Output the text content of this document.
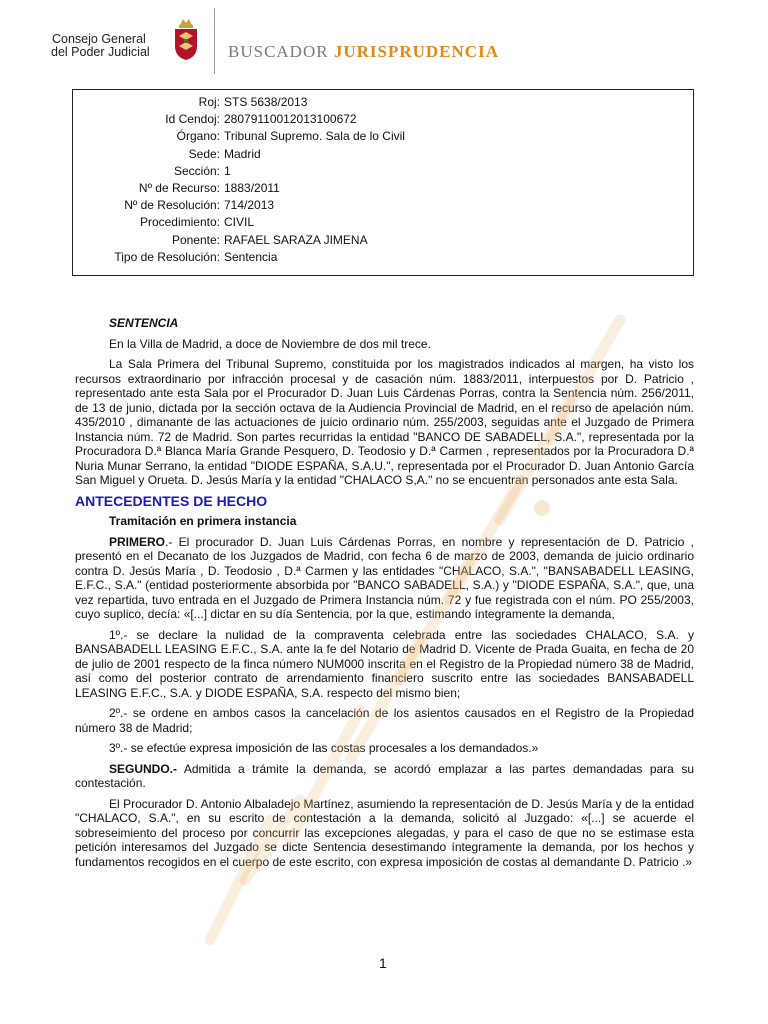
Consejo General
del Poder Judicial	BUSCADOR JURISPRUDENCIA
Roj: STS 5638/2013
Id Cendoj: 28079110012013100672
Órgano: Tribunal Supremo. Sala de lo Civil
Sede: Madrid
Sección: 1
Nº de Recurso: 1883/2011
Nº de Resolución: 714/2013
Procedimiento: CIVIL
Ponente: RAFAEL SARAZA JIMENA
Tipo de Resolución: Sentencia

SENTENCIA

En la Villa de Madrid, a doce de Noviembre de dos mil trece.

La Sala Primera del Tribunal Supremo, constituida por los magistrados indicados al margen, ha visto los recursos extraordinario por infracción procesal y de casación núm. 1883/2011, interpuestos por D. Patricio , representado ante esta Sala por el Procurador D. Juan Luis Cárdenas Porras, contra la Sentencia núm. 256/2011, de 13 de junio, dictada por la sección octava de la Audiencia Provincial de Madrid, en el recurso de apelación núm. 435/2010 , dimanante de las actuaciones de juicio ordinario núm. 255/2003, seguidas ante el Juzgado de Primera Instancia núm. 72 de Madrid. Son partes recurridas la entidad "BANCO DE SABADELL, S.A.", representada por la Procuradora D.ª Blanca María Grande Pesquero, D. Teodosio y D.ª Carmen , representados por la Procuradora D.ª Nuria Munar Serrano, la entidad "DIODE ESPAÑA, S.A.U.", representada por el Procurador D. Juan Antonio García San Miguel y Orueta. D. Jesús María y la entidad "CHALACO S,A." no se encuentran personados ante esta Sala.

ANTECEDENTES DE HECHO

Tramitación en primera instancia

PRIMERO.- El procurador D. Juan Luis Cárdenas Porras, en nombre y representación de D. Patricio , presentó en el Decanato de los Juzgados de Madrid, con fecha 6 de marzo de 2003, demanda de juicio ordinario contra D. Jesús María , D. Teodosio , D.ª Carmen y las entidades "CHALACO, S.A.", "BANSABADELL LEASING, E.F.C., S.A." (entidad posteriormente absorbida por "BANCO SABADELL, S.A.) y "DIODE ESPAÑA, S.A.", que, una vez repartida, tuvo entrada en el Juzgado de Primera Instancia núm. 72 y fue registrada con el núm. PO 255/2003, cuyo suplico, decía: «[...] dictar en su día Sentencia, por la que, estimando íntegramente la demanda,

1º.- se declare la nulidad de la compraventa celebrada entre las sociedades CHALACO, S.A. y BANSABADELL LEASING E.F.C., S.A. ante la fe del Notario de Madrid D. Vicente de Prada Guaita, en fecha de 20 de julio de 2001 respecto de la finca número NUM000 inscrita en el Registro de la Propiedad número 38 de Madrid, así como del posterior contrato de arrendamiento financiero suscrito entre las sociedades BANSABADELL LEASING E.F.C., S.A. y DIODE ESPAÑA, S.A. respecto del mismo bien;

2º.- se ordene en ambos casos la cancelación de los asientos causados en el Registro de la Propiedad número 38 de Madrid;

3º.- se efectúe expresa imposición de las costas procesales a los demandados.»

SEGUNDO.- Admitida a trámite la demanda, se acordó emplazar a las partes demandadas para su contestación.

El Procurador D. Antonio Albaladejo Martínez, asumiendo la representación de D. Jesús María y de la entidad "CHALACO, S.A.", en su escrito de contestación a la demanda, solicitó al Juzgado: «[...] se acuerde el sobreseimiento del proceso por concurrir las excepciones alegadas, y para el caso de que no se estimase esta petición interesamos del Juzgado se dicte Sentencia desestimando íntegramente la demanda, por los hechos y fundamentos recogidos en el cuerpo de este escrito, con expresa imposición de costas al demandante D. Patricio .»

1
